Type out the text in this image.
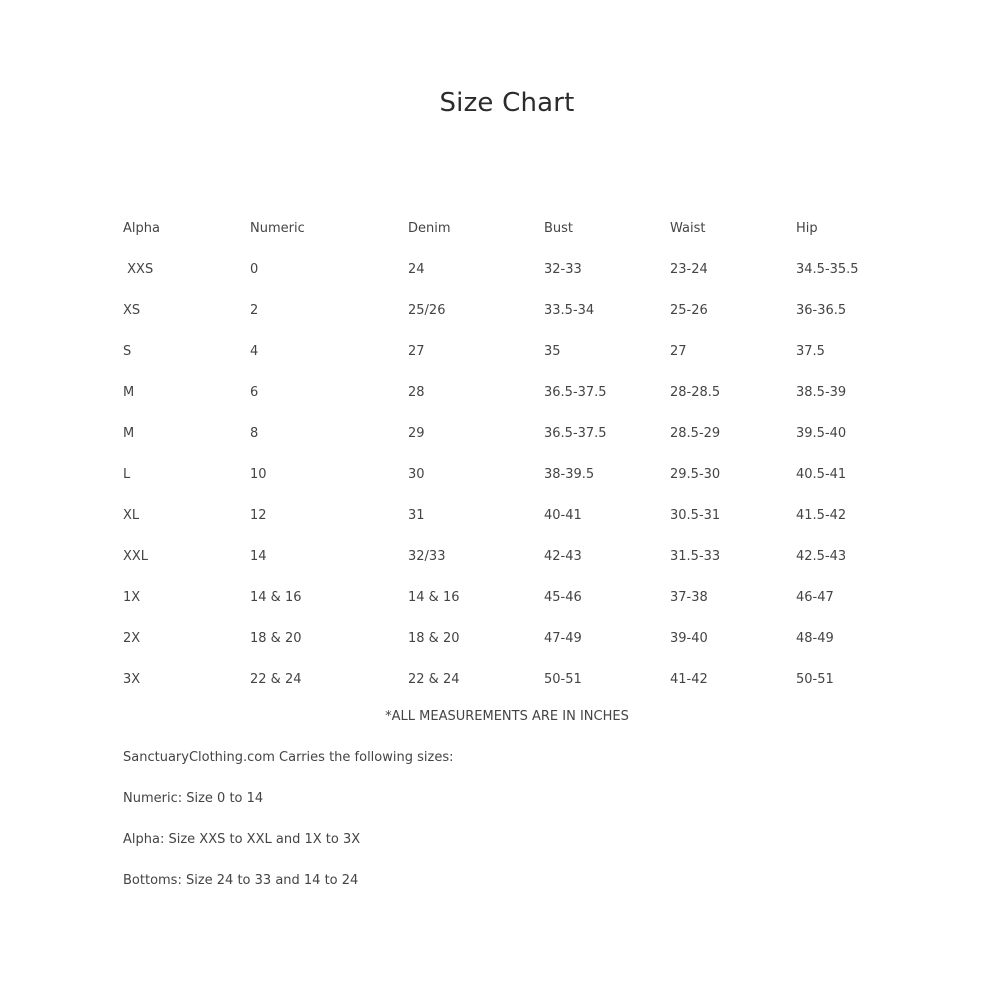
Size Chart
Alpha	Numeric	Denim	Bust	Waist	Hip
XXS	0	24	32-33	23-24	34.5-35.5
XS	2	25/26	33.5-34	25-26	36-36.5
S	4	27	35	27	37.5
M	6	28	36.5-37.5	28-28.5	38.5-39
M	8	29	36.5-37.5	28.5-29	39.5-40
L	10	30	38-39.5	29.5-30	40.5-41
XL	12	31	40-41	30.5-31	41.5-42
XXL	14	32/33	42-43	31.5-33	42.5-43
1X	14 & 16	14 & 16	45-46	37-38	46-47
2X	18 & 20	18 & 20	47-49	39-40	48-49
3X	22 & 24	22 & 24	50-51	41-42	50-51
*ALL MEASUREMENTS ARE IN INCHES
SanctuaryClothing.com Carries the following sizes:
Numeric: Size 0 to 14
Alpha: Size XXS to XXL and 1X to 3X
Bottoms: Size 24 to 33 and 14 to 24
